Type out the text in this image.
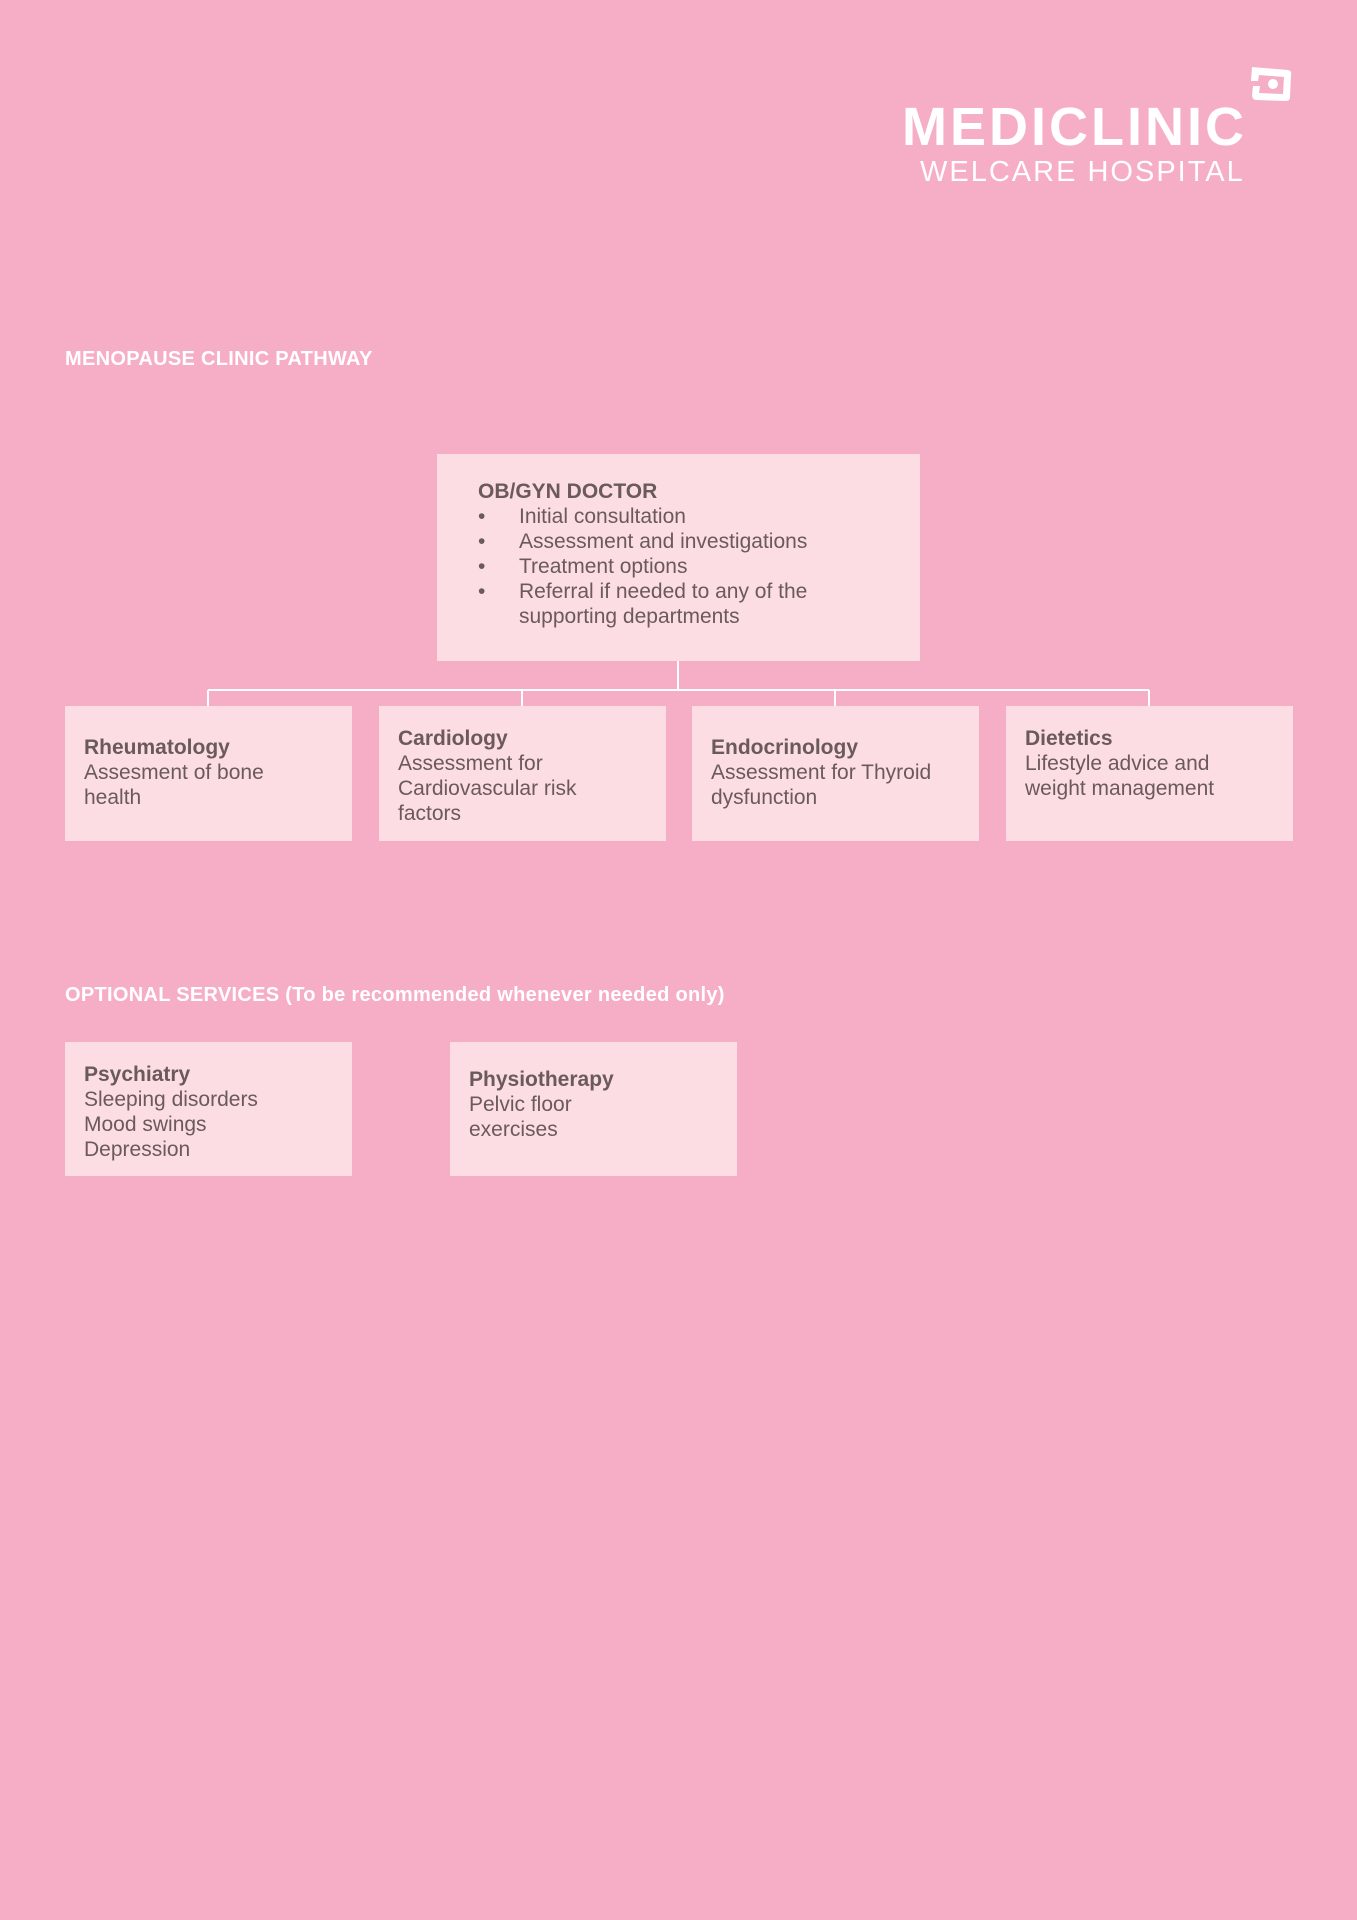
MEDICLINIC
WELCARE HOSPITAL
MENOPAUSE CLINIC PATHWAY
OB/GYN DOCTOR
• Initial consultation
• Assessment and investigations
• Treatment options
• Referral if needed to any of the supporting departments
Rheumatology
Assesment of bone health
Cardiology
Assessment for Cardiovascular risk factors
Endocrinology
Assessment for Thyroid dysfunction
Dietetics
Lifestyle advice and weight management
OPTIONAL SERVICES (To be recommended whenever needed only)
Psychiatry
Sleeping disorders
Mood swings
Depression
Physiotherapy
Pelvic floor
exercises
